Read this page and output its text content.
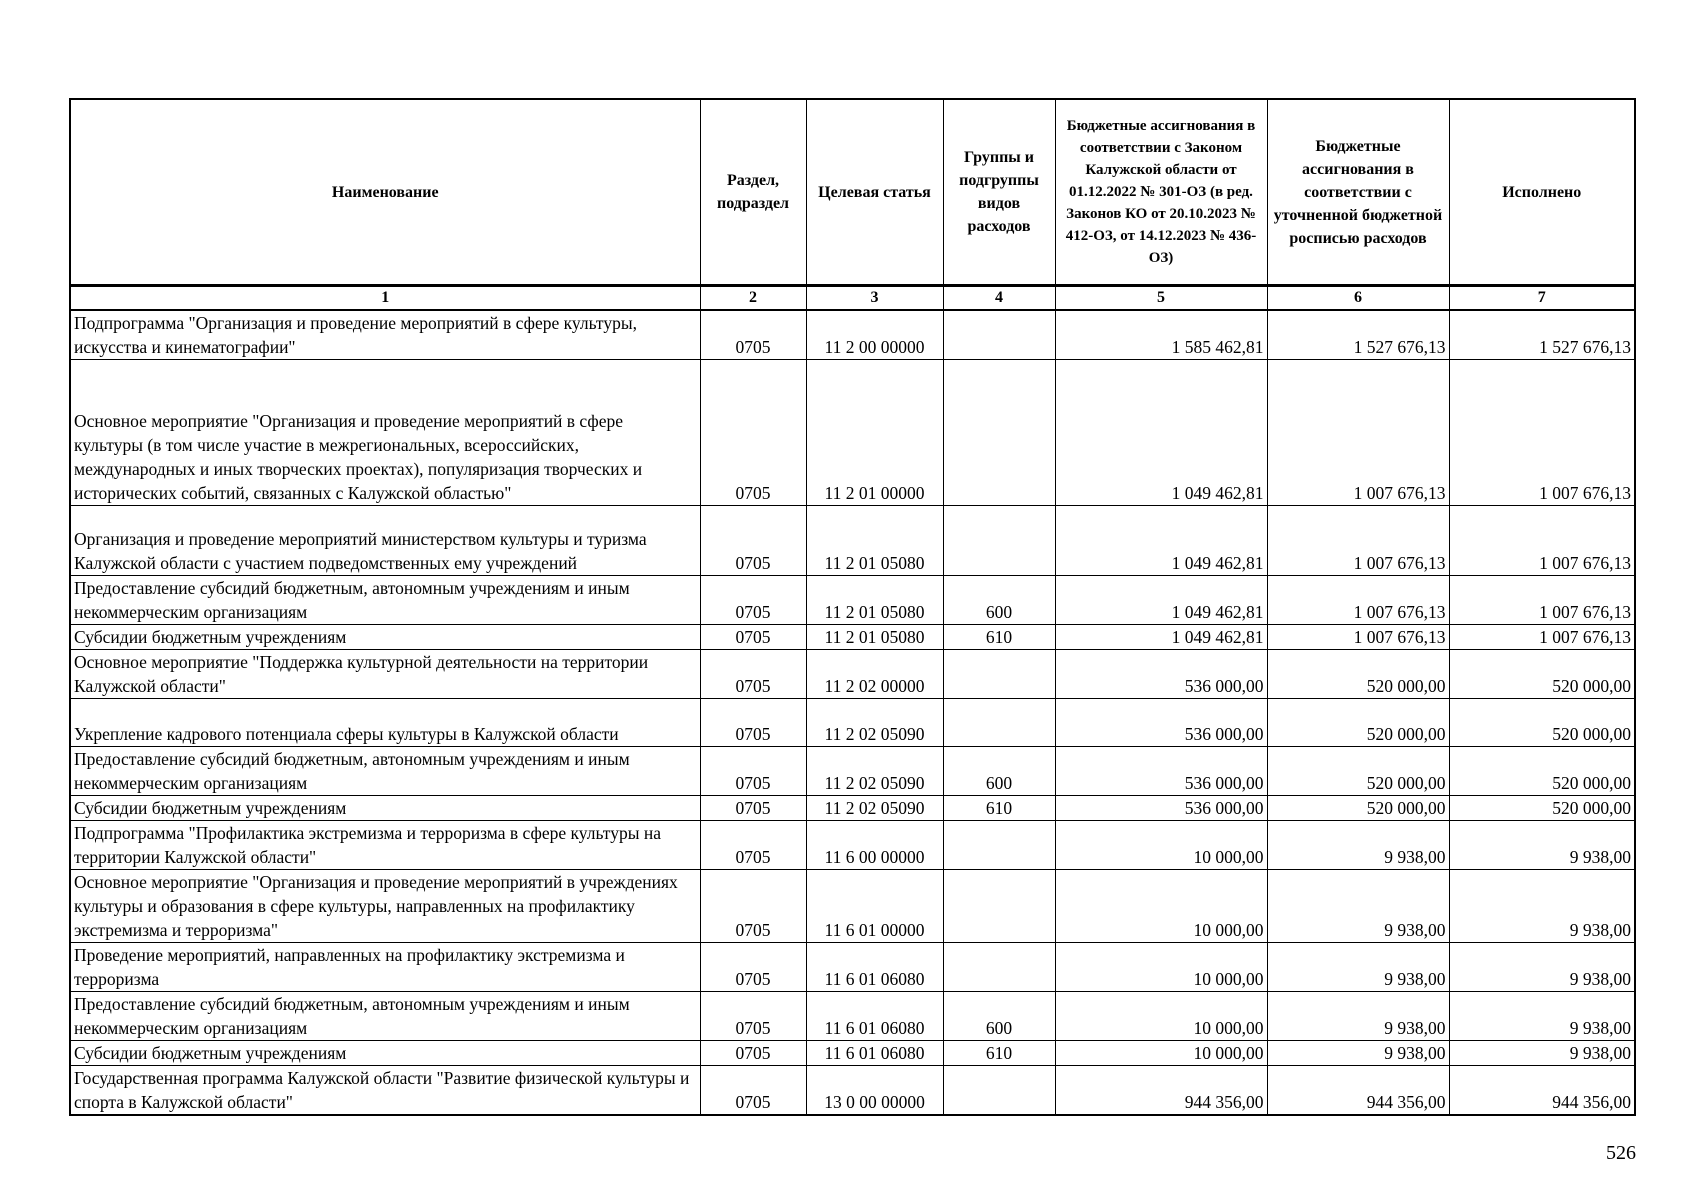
Наименование	Раздел, подраздел	Целевая статья	Группы и подгруппы видов расходов	Бюджетные ассигнования в соответствии с Законом Калужской области от 01.12.2022 № 301-ОЗ (в ред. Законов КО от 20.10.2023 № 412-ОЗ, от 14.12.2023 № 436-ОЗ)	Бюджетные ассигнования в соответствии с уточненной бюджетной росписью расходов	Исполнено
1	2	3	4	5	6	7
Подпрограмма "Организация и проведение мероприятий в сфере культуры, искусства и кинематографии"	0705	11 2 00 00000		1 585 462,81	1 527 676,13	1 527 676,13
Основное мероприятие "Организация и проведение мероприятий в сфере культуры (в том числе участие в межрегиональных, всероссийских, международных и иных творческих проектах), популяризация творческих и исторических событий, связанных с Калужской областью"	0705	11 2 01 00000		1 049 462,81	1 007 676,13	1 007 676,13
Организация и проведение мероприятий министерством культуры и туризма Калужской области с участием подведомственных ему учреждений	0705	11 2 01 05080		1 049 462,81	1 007 676,13	1 007 676,13
Предоставление субсидий бюджетным, автономным учреждениям и иным некоммерческим организациям	0705	11 2 01 05080	600	1 049 462,81	1 007 676,13	1 007 676,13
Субсидии бюджетным учреждениям	0705	11 2 01 05080	610	1 049 462,81	1 007 676,13	1 007 676,13
Основное мероприятие "Поддержка культурной деятельности на территории Калужской области"	0705	11 2 02 00000		536 000,00	520 000,00	520 000,00
Укрепление кадрового потенциала сферы культуры в Калужской области	0705	11 2 02 05090		536 000,00	520 000,00	520 000,00
Предоставление субсидий бюджетным, автономным учреждениям и иным некоммерческим организациям	0705	11 2 02 05090	600	536 000,00	520 000,00	520 000,00
Субсидии бюджетным учреждениям	0705	11 2 02 05090	610	536 000,00	520 000,00	520 000,00
Подпрограмма "Профилактика экстремизма и терроризма в сфере культуры на территории Калужской области"	0705	11 6 00 00000		10 000,00	9 938,00	9 938,00
Основное мероприятие "Организация и проведение мероприятий в учреждениях культуры и образования в сфере культуры, направленных на профилактику экстремизма и терроризма"	0705	11 6 01 00000		10 000,00	9 938,00	9 938,00
Проведение мероприятий, направленных на профилактику экстремизма и терроризма	0705	11 6 01 06080		10 000,00	9 938,00	9 938,00
Предоставление субсидий бюджетным, автономным учреждениям и иным некоммерческим организациям	0705	11 6 01 06080	600	10 000,00	9 938,00	9 938,00
Субсидии бюджетным учреждениям	0705	11 6 01 06080	610	10 000,00	9 938,00	9 938,00
Государственная программа Калужской области "Развитие физической культуры и спорта в Калужской области"	0705	13 0 00 00000		944 356,00	944 356,00	944 356,00
526
